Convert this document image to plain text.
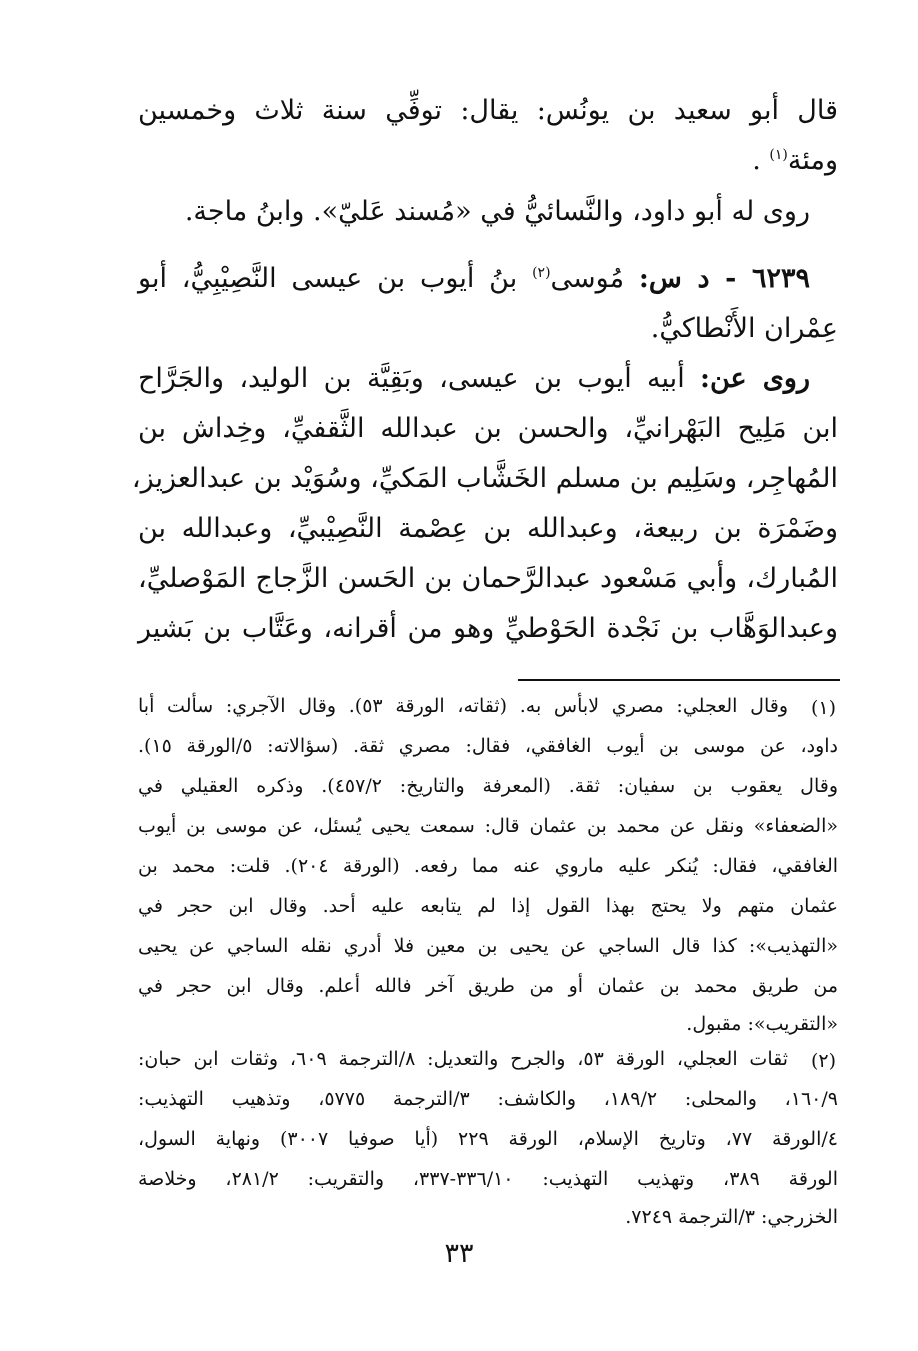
قال أبو سعيد بن يونُس: يقال: توفِّي سنة ثلاث وخمسين
ومئة$^{(١)}$ .
روى له أبو داود، والنَّسائيُّ في «مُسند عَليّ». وابنُ ماجة.
٦٢٣٩ - د س: مُوسى$^{(٢)}$ بنُ أيوب بن عيسى النَّصِيْبِيُّ، أبو
عِمْران الأَنْطاكيُّ.
روى عن: أبيه أيوب بن عيسى، وبَقِيَّة بن الوليد، والجَرَّاح
ابن مَلِيح البَهْرانيِّ، والحسن بن عبدالله الثَّقفيِّ، وخِداش بن
المُهاجِر، وسَلِيم بن مسلم الخَشَّاب المَكيِّ، وسُوَيْد بن عبدالعزيز،
وضَمْرَة بن ربيعة، وعبدالله بن عِصْمة النَّصِيْبيِّ، وعبدالله بن
المُبارك، وأبي مَسْعود عبدالرَّحمان بن الحَسن الزَّجاج المَوْصليِّ،
وعبدالوَهَّاب بن نَجْدة الحَوْطيِّ وهو من أقرانه، وعَتَّاب بن بَشير
(١)
وقال العجلي: مصري لابأس به. (ثقاته، الورقة ٥٣). وقال الآجري: سألت أبا
داود، عن موسى بن أيوب الغافقي، فقال: مصري ثقة. (سؤالاته: ٥/الورقة ١٥).
وقال يعقوب بن سفيان: ثقة. (المعرفة والتاريخ: ٤٥٧/٢). وذكره العقيلي في
«الضعفاء» ونقل عن محمد بن عثمان قال: سمعت يحيى يُسئل، عن موسى بن أيوب
الغافقي، فقال: يُنكر عليه ماروي عنه مما رفعه. (الورقة ٢٠٤). قلت: محمد بن
عثمان متهم ولا يحتج بهذا القول إذا لم يتابعه عليه أحد. وقال ابن حجر في
«التهذيب»: كذا قال الساجي عن يحيى بن معين فلا أدري نقله الساجي عن يحيى
من طريق محمد بن عثمان أو من طريق آخر فالله أعلم. وقال ابن حجر في
«التقريب»: مقبول.
(٢)
ثقات العجلي، الورقة ٥٣، والجرح والتعديل: ٨/الترجمة ٦٠٩، وثقات ابن حبان:
١٦٠/٩، والمحلى: ١٨٩/٢، والكاشف: ٣/الترجمة ٥٧٧٥، وتذهيب التهذيب:
٤/الورقة ٧٧، وتاريخ الإسلام، الورقة ٢٢٩ (أيا صوفيا ٣٠٠٧) ونهاية السول،
الورقة ٣٨٩، وتهذيب التهذيب: ٣٣٦/١٠-٣٣٧، والتقريب: ٢٨١/٢، وخلاصة
الخزرجي: ٣/الترجمة ٧٢٤٩.
٣٣
